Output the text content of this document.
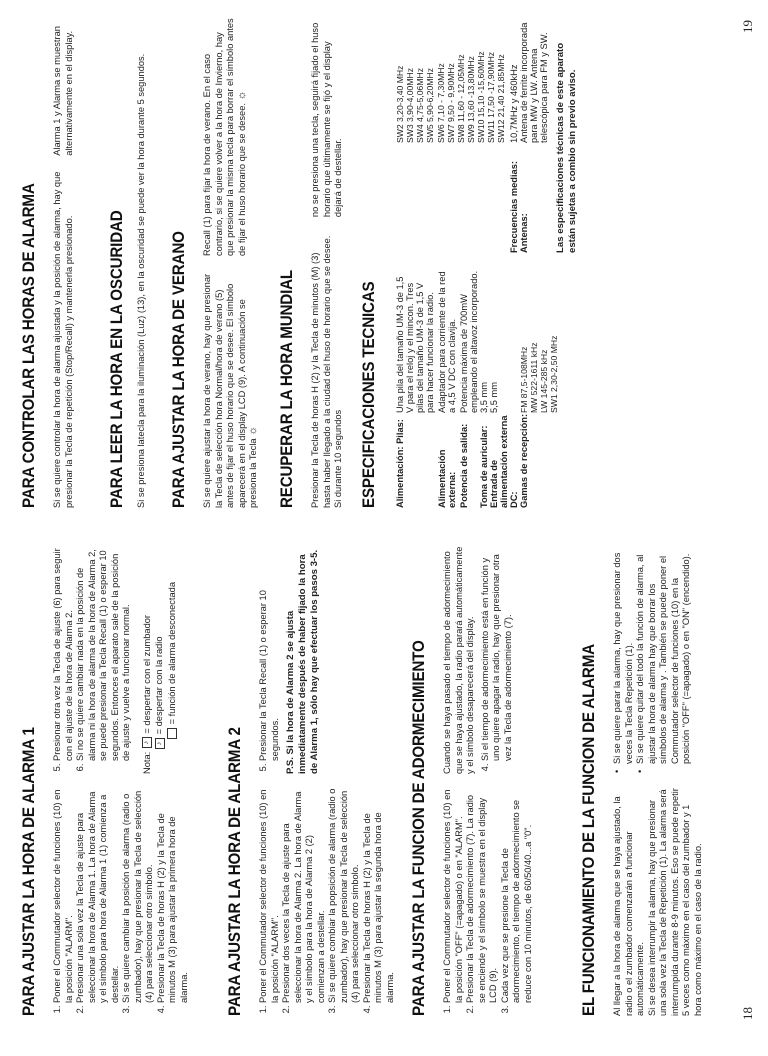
PARA AJUSTAR LA HORA DE ALARMA 1 1. Poner el Commutador selector de funciones (10) en la posición "ALARM". 2. Presionar una sola vez la Tecla de ajuste para seleccionar la hora de Alarma 1. La hora de Alarma y el símbolo para hora de Alarma 1 (1) comienza a destellar. 3. Si se quiere cambiar la posición de alarma (radio o zumbador), hay que presionar la Tecla de selección (4) para seleccionar otro símbolo. 4. Presionar la Tecla de horas H (2) y la Tecla de minutos M (3) para ajustar la primera hora de alarma.
5. Presionar otra vez la Tecla de ajuste (6) para seguir con el ajuste de la hora de Alarma 2. 6. Si no se quiere cambiar nada en la posición de alarma ni la hora de alarma de la hora de Alarma 2, se puede presionar la Tecla Recall (1) o esperar 10 segundos. Entonces el aparato sale de la posición de ajuste y vuelve a funcionar normal.
Nota: ♪ = despertar con el zumbador
♪ = despertar con la radio = función de alarma desconectada
PARA AJUSTAR LA HORA DE ALARMA 2 1. Poner el Commutador selector de funciones (10) en la posición "ALARM". 2. Presionar dos veces la Tecla de ajuste para seleccionar la hora de Alarma 2. La hora de Alarma y el símbolo para la hora de Alarma 2 (2) comienzan a destellar. 3. Si se quiere combiar la popsición de alarma (radio o zumbador), hay que presionar la Tecla de selección (4) para seleccionar otro símbolo. 4. Presionar la Tecla de horas H (2) y la Tecla de minutos M (3) para ajustar la segunda hora de alarma.
5. Presionar la Tecla Recall (1) o esperar 10 segundos. P.S. Si la hora de Alarma 2 se ajusta inmediatamente después de haber fijado la hora de Alarma 1, sólo hay que efectuar los pasos 3-5.	PARA AJUSTAR LA FUNCION DE ADORMECIMIENTO 1. Poner el Commutador selector de funciones (10) en la posición "OFF" (=apagado) o en "ALARM". 2. Presionar la Tecla de adormecimiento (7). La radio se enciende y el símbolo se muestra en el display LCD (9). 3. Cada vez que se presione la Tecla de adormecimiento, el tiempo de adormecimiento se reduce con 10 minutos, de 60/50/40...a "0".

Cuando se haya pasado el tiempo de adormecimiento que se haya ajustado, la radio parará automáticamente y el símbolo desaparecerá del display. 4. Si el tiempo de adormecimiento está en función y uno quiere apagar la radio, hay que presionar otra vez la Tecla de adormecimiento (7).	EL FUNCIONAMIENTO DE LA FUNCION DE ALARMA Al llegar a la hora de alarma que se haya ajustado, la radio o el zumbador comenzarán a funcionar automáticamente. Si se desea interrumpir la alarma, hay que presionar una sola vez la Tecla de Repetición (1). La alarma será interrumpida durante 8-9 minutos. Eso se puede repetir 5 veces como máximo en el caso del zumbador y 1 hora como máximo en el caso de la radio.

• Si se quiere parar la alarma, hay que presionar dos veces la Tecla Repetición (1). • Si se quiere quitar del todo la función de alarma, al ajustar la hora de alarma hay que borrar los símbolos de alarma y . También se puede poner el Commutador selector de funciones (10) en la posición "OFF" (=apagado) o en "ON" (encendido).
18
PARA CONTROLAR LAS HORAS DE ALARMA Si se quiere controlar la hora de alarma ajustada y la posición de alarma, hay que presionar la Tecla de repetición (Stop/Recall) y mantenerla presionado.

Alarma 1 y Alarma se muestran alternativamente en el display.

PARA LEER LA HORA EN LA OSCURIDAD Si se presiona latecla para la iluminación (Luz) (13), en la oscuridad se puede ver la hora durante 5 segundos. PARA AJUSTAR LA HORA DE VERANO Si se quiere ajustar la hora de verano, hay que presionar la Tecla de selección hora Normal/hora de verano (5) antes de fijar el huso horario que se desee. El símbolo aparecerá en el display LCD (9). A continuación se presiona la Tecla ☼

Recall (1) para fijar la hora de verano. En el caso contrario, si se quiere volver a la hora de Invierno, hay que presionar la misma tecla para borrar el símbolo antes de fijar el huso horario que se desee. ☼

RECUPERAR LA HORA MUNDIAL Presionar la Tecla de horas H (2) y la Tecla de minutos (M) (3) hasta haber llegado a la ciudad del huso de horario que se desee. Si durante 10 segundos

no se presiona una tecla, seguirá fijado el huso horario que últimamente se fijó y el display dejará de destellar.

ESPECIFICACIONES TECNICAS Alimentación: Pilas:
Una pila del tamaño UM-3 de 1,5 V para el reloj y el mincon. Tres pilas del tamaño UM-3 de 1,5 V para hacer funcionar la radio.
Alimentación externa:
Adaptador para corriente de la red a 4,5 V DC con clavija.
Potencia de salida:
Potencia máxima de 700mW empleando el altavoz incorporado.
Toma de auricular:
3,5 mm
Entrada de alimentación externa DC:
5,5 mm
Gamas de recepción:
FM 87,5-108MHz MW 522-1611 kHz LW 145-285 kHz SW1 2,30-2,50 MHz
SW2 3,20-3,40 MHz SW3 3,90-4,00MHz SW4 4,75-5,06MHz SW5 5,90-6,20MHz SW6 7,10 - 7,30MHz SW7 9,50 - 9,90MHz SW8 11,60 - 12,05MHz SW9 13,60 -13,80MHz SW10 15,10 -15,60MHz SW11 17,50 -17,90MHz SW12 21,40 21,85MHz
Frecuencias medias:
10,7MHz y 460kHz
Antenas:
Antena de ferrite incorporada para MW y LW. Antena telescópica para FM y SW. Las especificaciones técnicas de este aparato están sujetas a combio sin previo aviso.

19
